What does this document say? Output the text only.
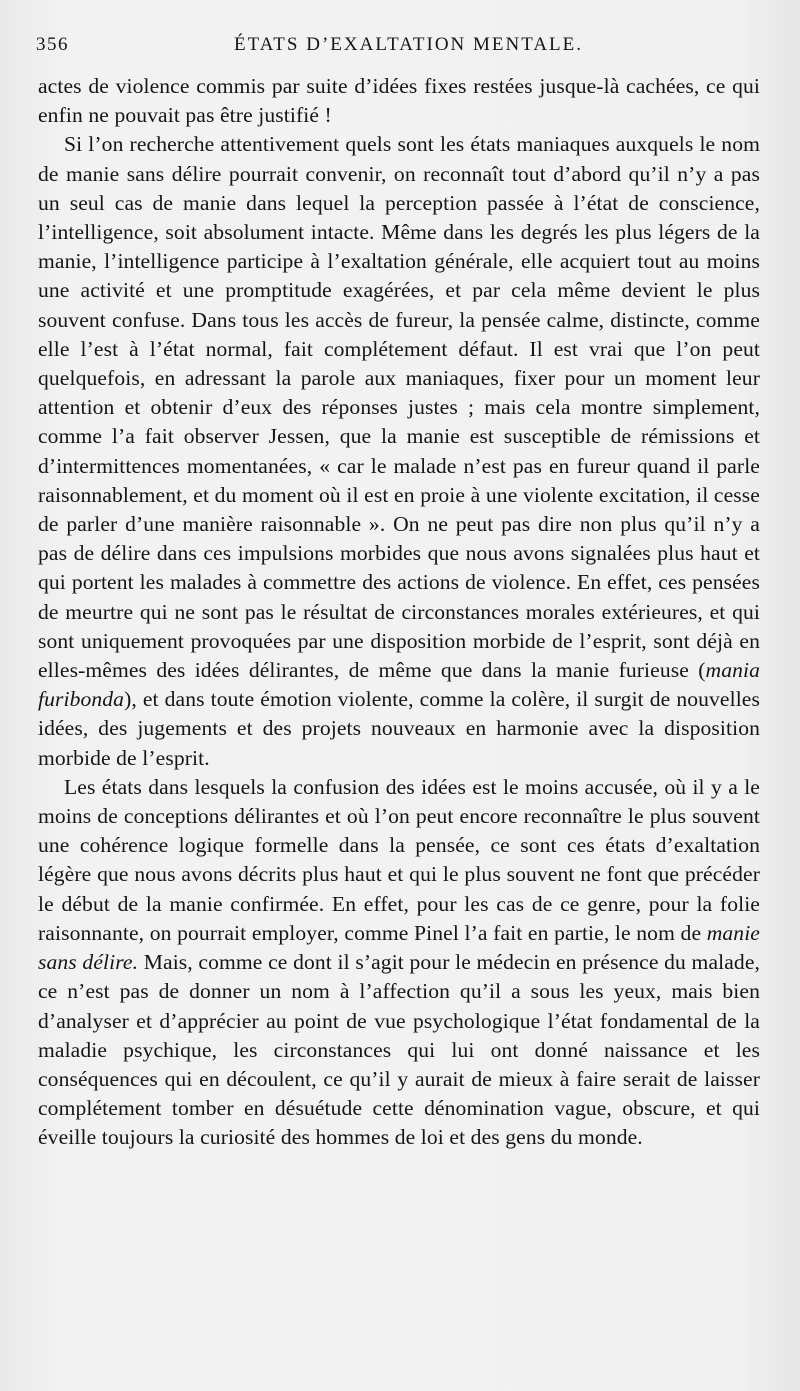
356	ÉTATS D’EXALTATION MENTALE.

actes de violence commis par suite d’idées fixes restées jusque-là cachées, ce qui enfin ne pouvait pas être justifié !

Si l’on recherche attentivement quels sont les états maniaques auxquels le nom de manie sans délire pourrait convenir, on reconnaît tout d’abord qu’il n’y a pas un seul cas de manie dans lequel la perception passée à l’état de conscience, l’intelligence, soit absolument intacte. Même dans les degrés les plus légers de la manie, l’intelligence participe à l’exaltation générale, elle acquiert tout au moins une activité et une promptitude exagérées, et par cela même devient le plus souvent confuse. Dans tous les accès de fureur, la pensée calme, distincte, comme elle l’est à l’état normal, fait complétement défaut. Il est vrai que l’on peut quelquefois, en adressant la parole aux maniaques, fixer pour un moment leur attention et obtenir d’eux des réponses justes ; mais cela montre simplement, comme l’a fait observer Jessen, que la manie est susceptible de rémissions et d’intermittences momentanées, « car le malade n’est pas en fureur quand il parle raisonnablement, et du moment où il est en proie à une violente excitation, il cesse de parler d’une manière raisonnable ». On ne peut pas dire non plus qu’il n’y a pas de délire dans ces impulsions morbides que nous avons signalées plus haut et qui portent les malades à commettre des actions de violence. En effet, ces pensées de meurtre qui ne sont pas le résultat de circonstances morales extérieures, et qui sont uniquement provoquées par une disposition morbide de l’esprit, sont déjà en elles-mêmes des idées délirantes, de même que dans la manie furieuse (mania furibonda), et dans toute émotion violente, comme la colère, il surgit de nouvelles idées, des jugements et des projets nouveaux en harmonie avec la disposition morbide de l’esprit.

Les états dans lesquels la confusion des idées est le moins accusée, où il y a le moins de conceptions délirantes et où l’on peut encore reconnaître le plus souvent une cohérence logique formelle dans la pensée, ce sont ces états d’exaltation légère que nous avons décrits plus haut et qui le plus souvent ne font que précéder le début de la manie confirmée. En effet, pour les cas de ce genre, pour la folie raisonnante, on pourrait employer, comme Pinel l’a fait en partie, le nom de manie sans délire. Mais, comme ce dont il s’agit pour le médecin en présence du malade, ce n’est pas de donner un nom à l’affection qu’il a sous les yeux, mais bien d’analyser et d’apprécier au point de vue psychologique l’état fondamental de la maladie psychique, les circonstances qui lui ont donné naissance et les conséquences qui en découlent, ce qu’il y aurait de mieux à faire serait de laisser complétement tomber en désuétude cette dénomination vague, obscure, et qui éveille toujours la curiosité des hommes de loi et des gens du monde.
